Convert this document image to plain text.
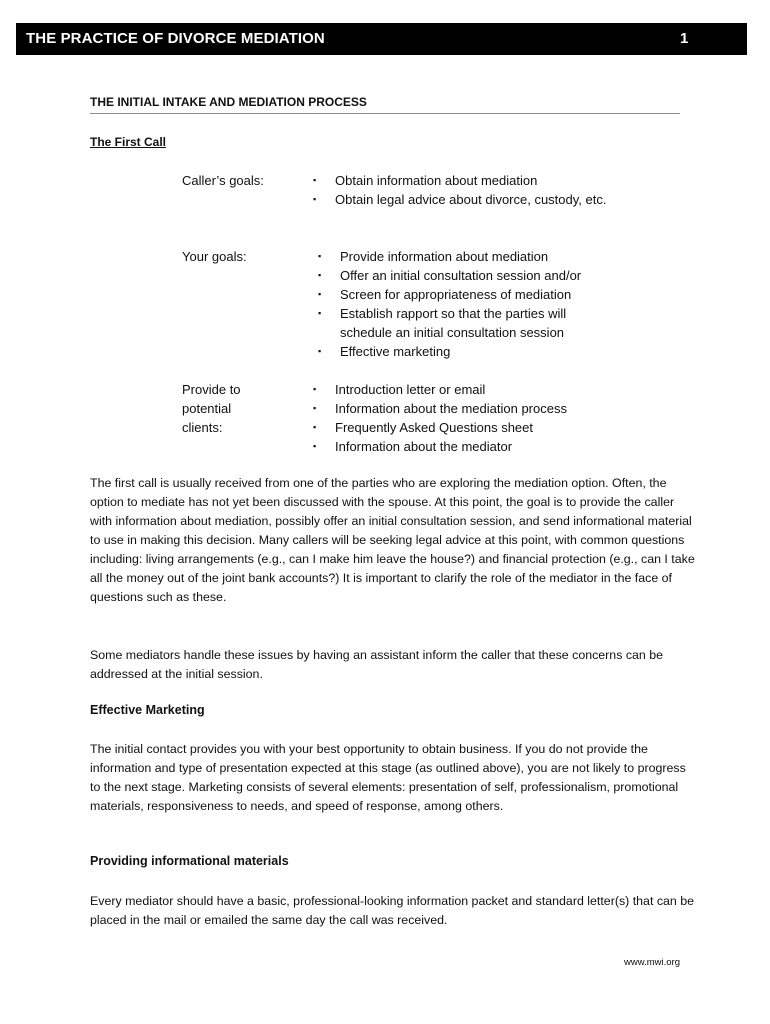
THE PRACTICE OF DIVORCE MEDIATION	1
THE INITIAL INTAKE AND MEDIATION PROCESS
The First Call
Caller’s goals:	▪ Obtain information about mediation
▪ Obtain legal advice about divorce, custody, etc.
Your goals:	▪ Provide information about mediation
▪ Offer an initial consultation session and/or
▪ Screen for appropriateness of mediation
▪ Establish rapport so that the parties will schedule an initial consultation session
▪ Effective marketing
Provide to potential clients:
▪ Introduction letter or email
▪ Information about the mediation process
▪ Frequently Asked Questions sheet
▪ Information about the mediator

The first call is usually received from one of the parties who are exploring the mediation option. Often, the option to mediate has not yet been discussed with the spouse. At this point, the goal is to provide the caller with information about mediation, possibly offer an initial consultation session, and send informational material to use in making this decision. Many callers will be seeking legal advice at this point, with common questions including: living arrangements (e.g., can I make him leave the house?) and financial protection (e.g., can I take all the money out of the joint bank accounts?) It is important to clarify the role of the mediator in the face of questions such as these.

Some mediators handle these issues by having an assistant inform the caller that these concerns can be addressed at the initial session.

Effective Marketing

The initial contact provides you with your best opportunity to obtain business. If you do not provide the information and type of presentation expected at this stage (as outlined above), you are not likely to progress to the next stage. Marketing consists of several elements: presentation of self, professionalism, promotional materials, responsiveness to needs, and speed of response, among others.

Providing informational materials

Every mediator should have a basic, professional-looking information packet and standard letter(s) that can be placed in the mail or emailed the same day the call was received.

www.mwi.org
